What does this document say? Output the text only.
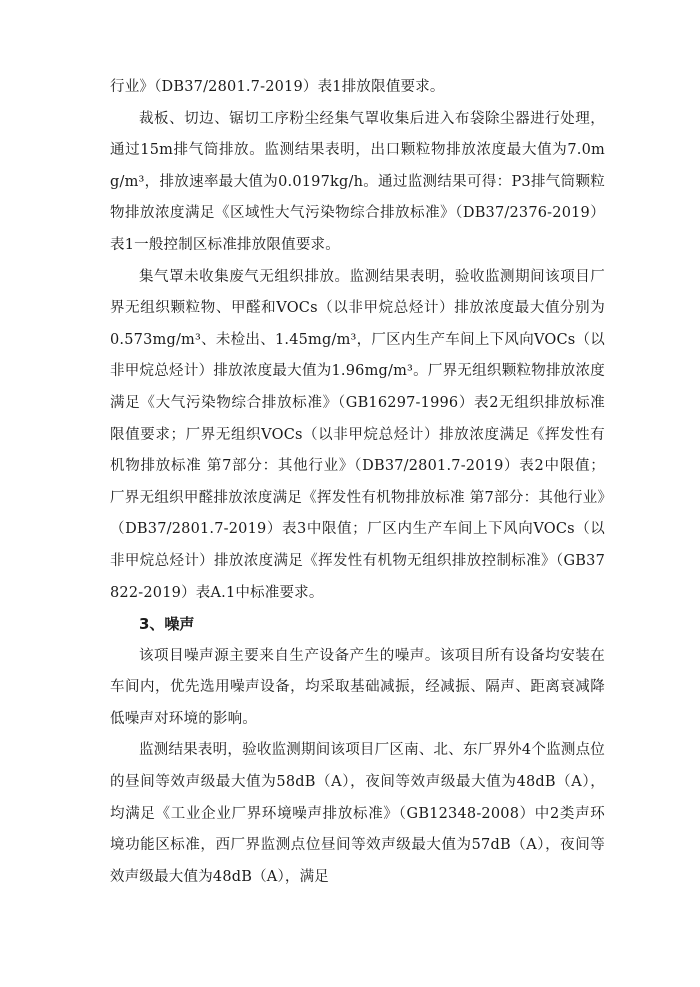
行业》（DB37/2801.7-2019）表1排放限值要求。

裁板、切边、锯切工序粉尘经集气罩收集后进入布袋除尘器进行处理，通过15m排气筒排放。监测结果表明，出口颗粒物排放浓度最大值为7.0mg/m³，排放速率最大值为0.0197kg/h。通过监测结果可得：P3排气筒颗粒物排放浓度满足《区域性大气污染物综合排放标准》（DB37/2376-2019）表1一般控制区标准排放限值要求。

集气罩未收集废气无组织排放。监测结果表明，验收监测期间该项目厂界无组织颗粒物、甲醛和VOCs（以非甲烷总烃计）排放浓度最大值分别为0.573mg/m³、未检出、1.45mg/m³，厂区内生产车间上下风向VOCs（以非甲烷总烃计）排放浓度最大值为1.96mg/m³。厂界无组织颗粒物排放浓度满足《大气污染物综合排放标准》（GB16297-1996）表2无组织排放标准限值要求；厂界无组织VOCs（以非甲烷总烃计）排放浓度满足《挥发性有机物排放标准 第7部分：其他行业》（DB37/2801.7-2019）表2中限值；厂界无组织甲醛排放浓度满足《挥发性有机物排放标准 第7部分：其他行业》（DB37/2801.7-2019）表3中限值；厂区内生产车间上下风向VOCs（以非甲烷总烃计）排放浓度满足《挥发性有机物无组织排放控制标准》（GB37822-2019）表A.1中标准要求。

3、噪声

该项目噪声源主要来自生产设备产生的噪声。该项目所有设备均安装在车间内，优先选用噪声设备，均采取基础减振，经减振、隔声、距离衰减降低噪声对环境的影响。

监测结果表明，验收监测期间该项目厂区南、北、东厂界外4个监测点位的昼间等效声级最大值为58dB（A），夜间等效声级最大值为48dB（A），均满足《工业企业厂界环境噪声排放标准》（GB12348-2008）中2类声环境功能区标准，西厂界监测点位昼间等效声级最大值为57dB（A），夜间等效声级最大值为48dB（A），满足
